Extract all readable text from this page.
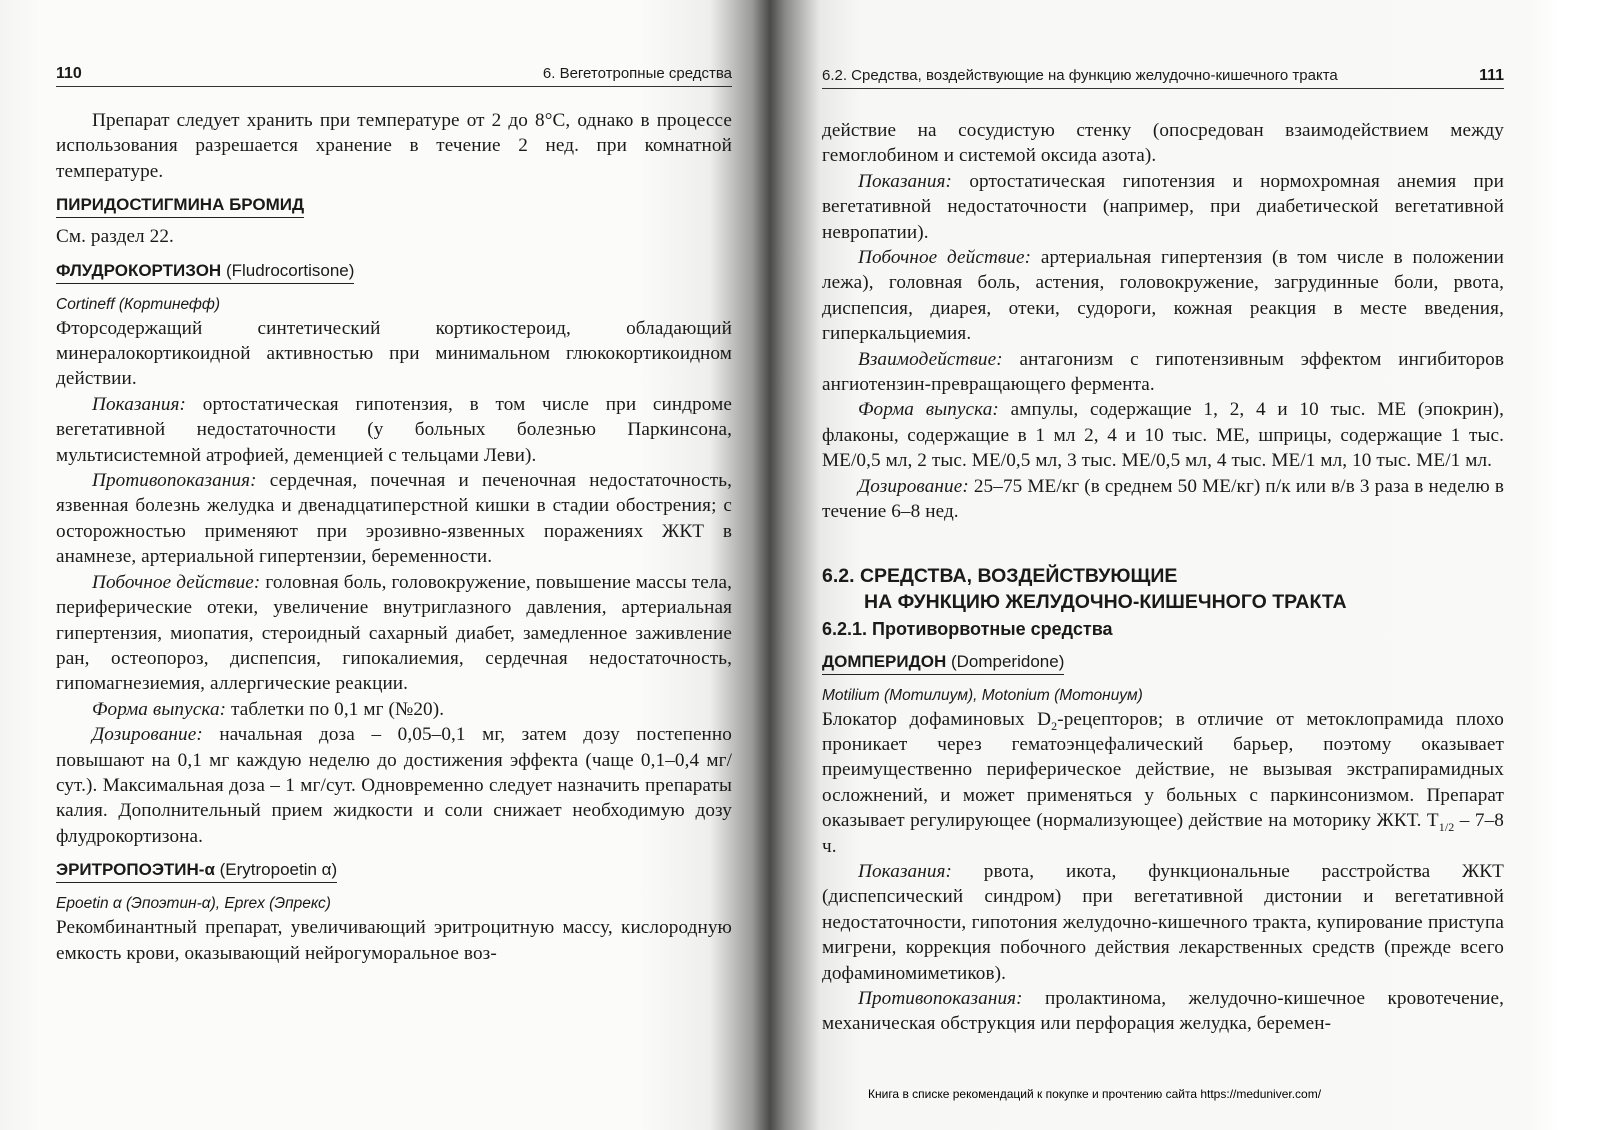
110	6. Вегетотропные средства

Препарат следует хранить при температуре от 2 до 8°С, однако в процессе использования разрешается хранение в течение 2 нед. при комнатной температуре.

ПИРИДОСТИГМИНА БРОМИД

См. раздел 22.

ФЛУДРОКОРТИЗОН (Fludrocortisone)
Cortineff (Кортинефф)

Фторсодержащий синтетический кортикостероид, обладающий минералокортикоидной активностью при минимальном глюкокортикоидном действии.

Показания: ортостатическая гипотензия, в том числе при синдроме вегетативной недостаточности (у больных болезнью Паркинсона, мультисистемной атрофией, деменцией с тельцами Леви).

Противопоказания: сердечная, почечная и печеночная недостаточность, язвенная болезнь желудка и двенадцатиперстной кишки в стадии обострения; с осторожностью применяют при эрозивно-язвенных поражениях ЖКТ в анамнезе, артериальной гипертензии, беременности.

Побочное действие: головная боль, головокружение, повышение массы тела, периферические отеки, увеличение внутриглазного давления, артериальная гипертензия, миопатия, стероидный сахарный диабет, замедленное заживление ран, остеопороз, диспепсия, гипокалиемия, сердечная недостаточность, гипомагнезиемия, аллергические реакции.

Форма выпуска: таблетки по 0,1 мг (№20).

Дозирование: начальная доза – 0,05–0,1 мг, затем дозу постепенно повышают на 0,1 мг каждую неделю до достижения эффекта (чаще 0,1–0,4 мг/сут.). Максимальная доза – 1 мг/сут. Одновременно следует назначить препараты калия. Дополнительный прием жидкости и соли снижает необходимую дозу флудрокортизона.

ЭРИТРОПОЭТИН-α (Erytropoetin α)
Epoetin α (Эпоэтин-α), Eprex (Эпрекс)

Рекомбинантный препарат, увеличивающий эритроцитную массу, кислородную емкость крови, оказывающий нейрогуморальное воз-

6.2. Средства, воздействующие на функцию желудочно-кишечного тракта	111

действие на сосудистую стенку (опосредован взаимодействием между гемоглобином и системой оксида азота).

Показания: ортостатическая гипотензия и нормохромная анемия при вегетативной недостаточности (например, при диабетической вегетативной невропатии).

Побочное действие: артериальная гипертензия (в том числе в положении лежа), головная боль, астения, головокружение, загрудинные боли, рвота, диспепсия, диарея, отеки, судороги, кожная реакция в месте введения, гиперкальциемия.

Взаимодействие: антагонизм с гипотензивным эффектом ингибиторов ангиотензин-превращающего фермента.

Форма выпуска: ампулы, содержащие 1, 2, 4 и 10 тыс. МЕ (эпокрин), флаконы, содержащие в 1 мл 2, 4 и 10 тыс. МЕ, шприцы, содержащие 1 тыс. МЕ/0,5 мл, 2 тыс. МЕ/0,5 мл, 3 тыс. МЕ/0,5 мл, 4 тыс. МЕ/1 мл, 10 тыс. МЕ/1 мл.

Дозирование: 25–75 МЕ/кг (в среднем 50 МЕ/кг) п/к или в/в 3 раза в неделю в течение 6–8 нед.

6.2. СРЕДСТВА, ВОЗДЕЙСТВУЮЩИЕ
НА ФУНКЦИЮ ЖЕЛУДОЧНО-КИШЕЧНОГО ТРАКТА
6.2.1. Противорвотные средства
ДОМПЕРИДОН (Domperidone)
Motilium (Мотилиум), Motonium (Мотониум)

Блокатор дофаминовых $D_2$-рецепторов; в отличие от метоклопрамида плохо проникает через гематоэнцефалический барьер, поэтому оказывает преимущественно периферическое действие, не вызывая экстрапирамидных осложнений, и может применяться у больных с паркинсонизмом. Препарат оказывает регулирующее (нормализующее) действие на моторику ЖКТ. $Т_{1/2} - 7-8$ ч.

Показания: рвота, икота, функциональные расстройства ЖКТ (диспепсический синдром) при вегетативной дистонии и вегетативной недостаточности, гипотония желудочно-кишечного тракта, купирование приступа мигрени, коррекция побочного действия лекарственных средств (прежде всего дофаминомиметиков).

Противопоказания: пролактинома, желудочно-кишечное кровотечение, механическая обструкция или перфорация желудка, беремен-

Книга в списке рекомендаций к покупке и прочтению сайта https://meduniver.com/
